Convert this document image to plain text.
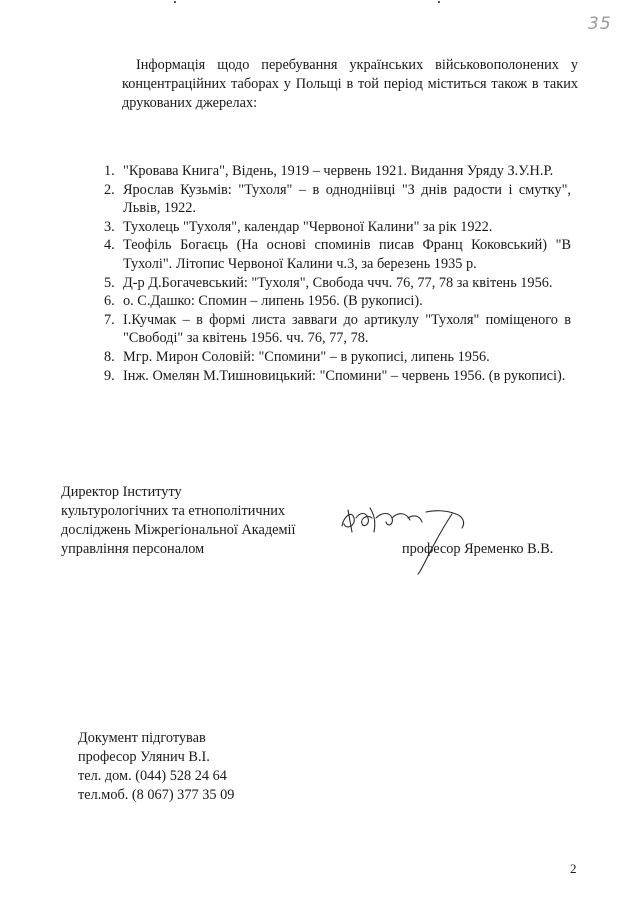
35

Інформація щодо перебування українських військовополонених у концентраційних таборах у Польщі в той період міститься також в таких друкованих джерелах:

1. "Кровава Книга", Відень, 1919 – червень 1921. Видання Уряду З.У.Н.Р.
2. Ярослав Кузьмів: "Тухоля" – в однодніівці "З днів радости і смутку", Львів, 1922.
3. Тухолець "Тухоля", календар "Червоної Калини" за рік 1922.
4. Теофіль Богаєць (На основі споминів писав Франц Коковський) "В Тухолі". Літопис Червоної Калини ч.3, за березень 1935 р.
5. Д-р Д.Богачевський: "Тухоля", Свобода ччч. 76, 77, 78 за квітень 1956.
6. о. С.Дашко: Спомин – липень 1956. (В рукописі).
7. І.Кучмак – в формі листа завваги до артикулу "Тухоля" поміщеного в "Свободі" за квітень 1956. чч. 76, 77, 78.
8. Мгр. Мирон Соловій: "Спомини" – в рукописі, липень 1956.
9. Інж. Омелян М.Тишновицький: "Спомини" – червень 1956. (в рукописі).
Директор Інституту
культурологічних та етнополітичних
досліджень Міжрегіональної Академії
управління персоналом	професор Яременко В.В.
Документ підготував
професор Улянич В.І.
тел. дом. (044) 528 24 64
тел.моб. (8 067) 377 35 09
2
